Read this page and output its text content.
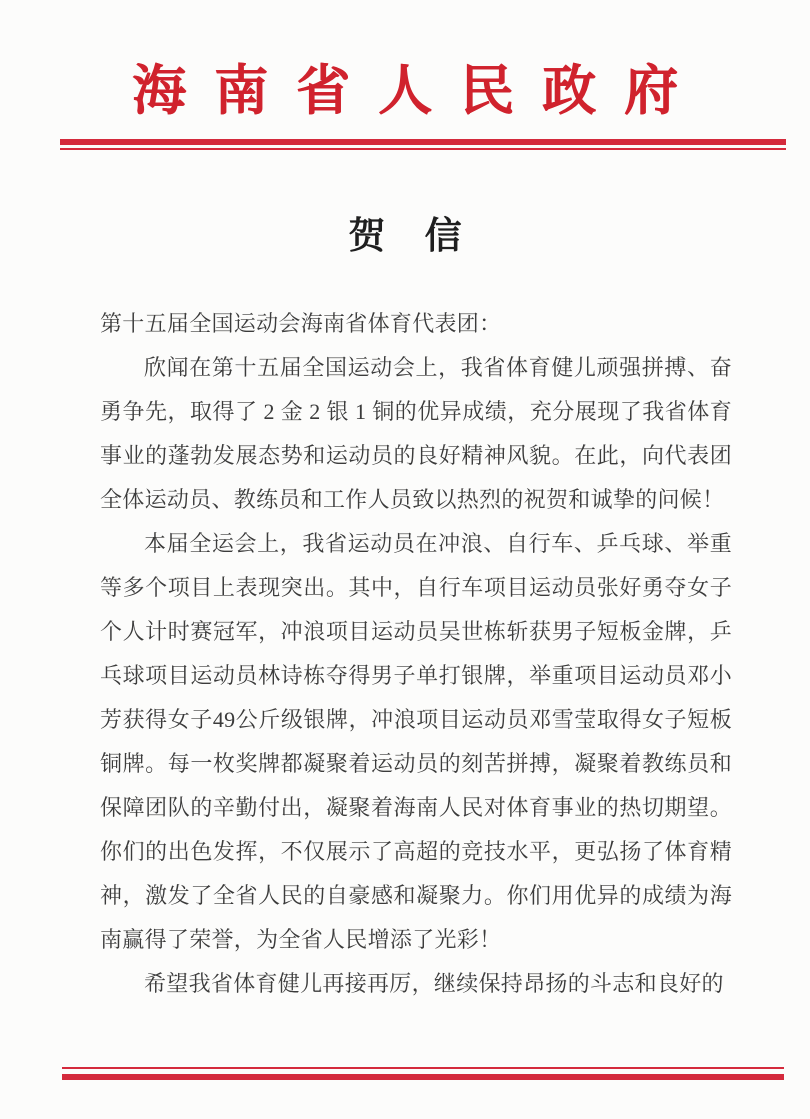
海南省人民政府
贺 信

第十五届全国运动会海南省体育代表团：

欣闻在第十五届全国运动会上，我省体育健儿顽强拼搏、奋勇争先，取得了 2 金 2 银 1 铜的优异成绩，充分展现了我省体育事业的蓬勃发展态势和运动员的良好精神风貌。在此，向代表团全体运动员、教练员和工作人员致以热烈的祝贺和诚挚的问候！

本届全运会上，我省运动员在冲浪、自行车、乒乓球、举重等多个项目上表现突出。其中，自行车项目运动员张好勇夺女子个人计时赛冠军，冲浪项目运动员吴世栋斩获男子短板金牌，乒乓球项目运动员林诗栋夺得男子单打银牌，举重项目运动员邓小芳获得女子49公斤级银牌，冲浪项目运动员邓雪莹取得女子短板铜牌。每一枚奖牌都凝聚着运动员的刻苦拼搏，凝聚着教练员和保障团队的辛勤付出，凝聚着海南人民对体育事业的热切期望。你们的出色发挥，不仅展示了高超的竞技水平，更弘扬了体育精神，激发了全省人民的自豪感和凝聚力。你们用优异的成绩为海南赢得了荣誉，为全省人民增添了光彩！

希望我省体育健儿再接再厉，继续保持昂扬的斗志和良好的
